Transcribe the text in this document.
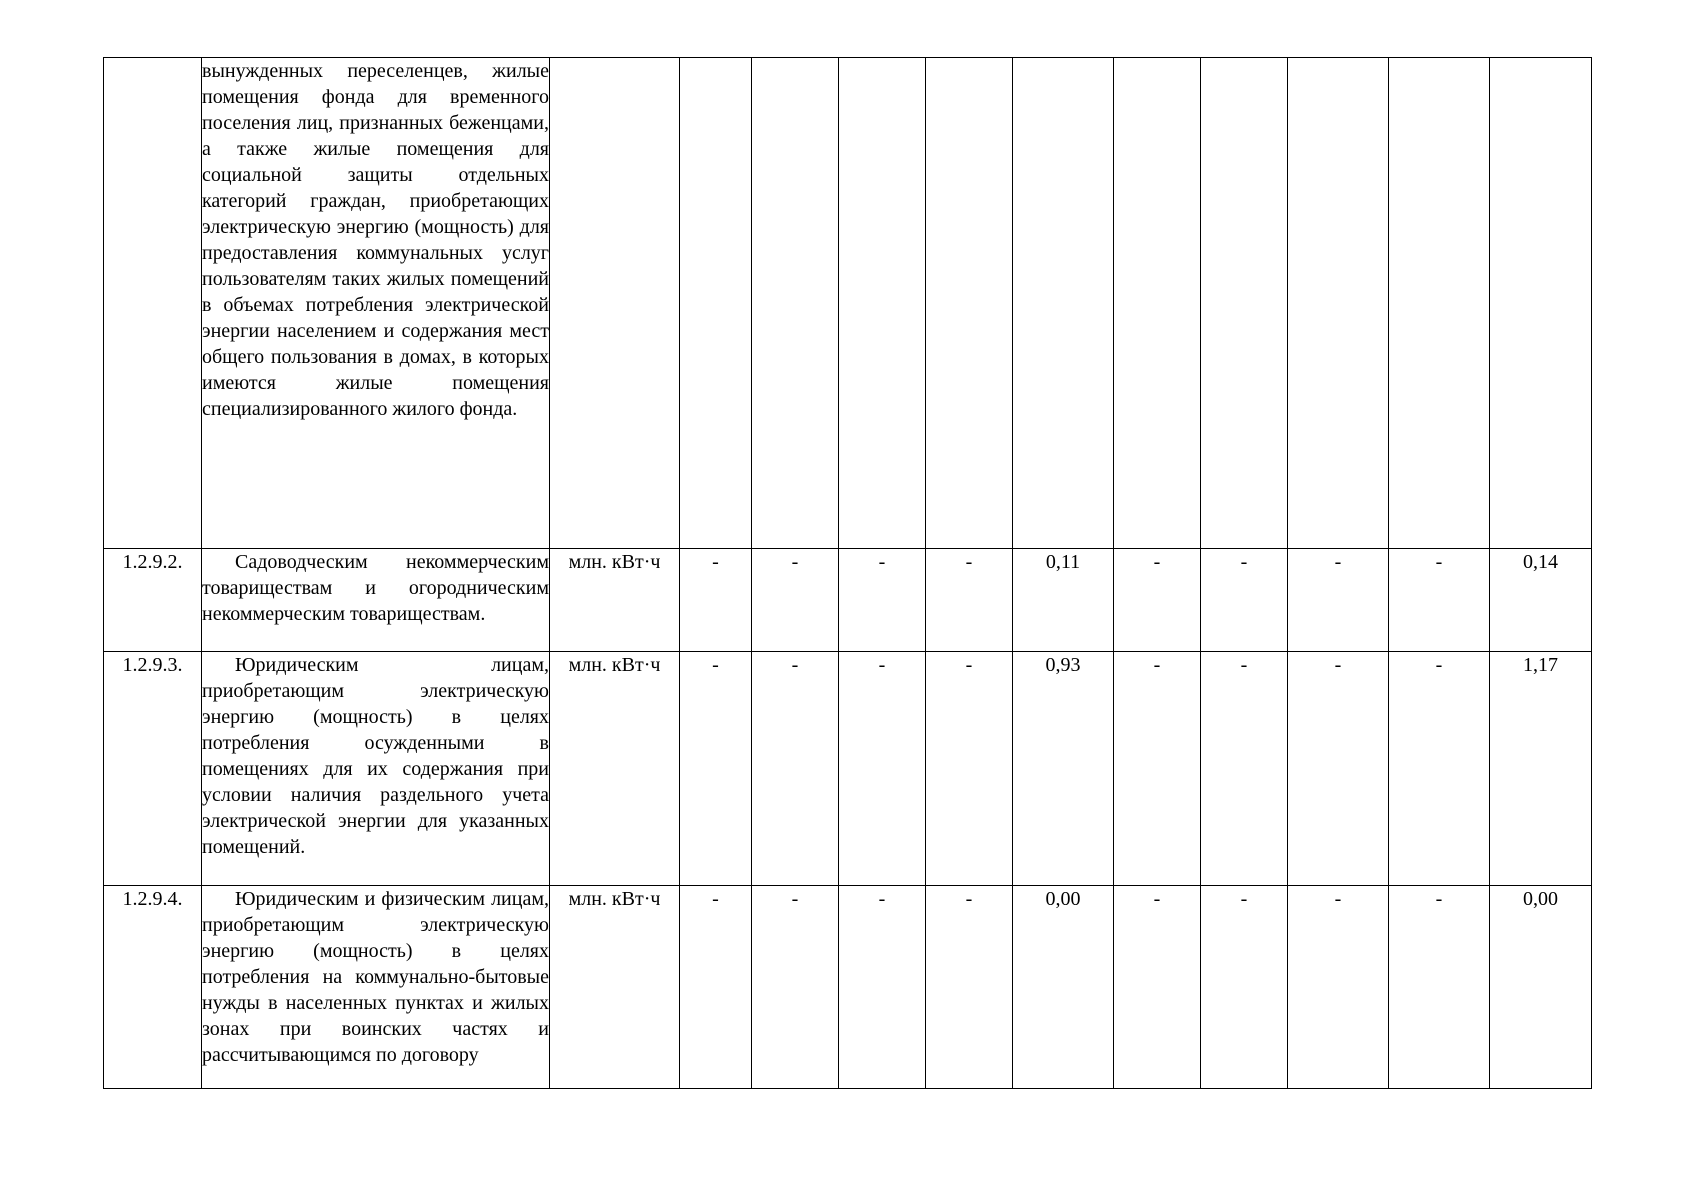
	вынужденных переселенцев, жилые помещения фонда для временного поселения лиц, признанных беженцами, а также жилые помещения для социальной защиты отдельных категорий граждан, приобретающих электрическую энергию (мощность) для предоставления коммунальных услуг пользователям таких жилых помещений в объемах потребления электрической энергии населением и содержания мест общего пользования в домах, в которых имеются жилые помещения специализированного жилого фонда.											
1.2.9.2.	Садоводческим некоммерческим товариществам и огородническим некоммерческим товариществам.	млн. кВт·ч	-	-	-	-	0,11	-	-	-	-	0,14
1.2.9.3.	Юридическим лицам, приобретающим электрическую энергию (мощность) в целях потребления осужденными в помещениях для их содержания при условии наличия раздельного учета электрической энергии для указанных помещений.	млн. кВт·ч	-	-	-	-	0,93	-	-	-	-	1,17
1.2.9.4.	Юридическим и физическим лицам, приобретающим электрическую энергию (мощность) в целях потребления на коммунально-бытовые нужды в населенных пунктах и жилых зонах при воинских частях и рассчитывающимся по договору	млн. кВт·ч	-	-	-	-	0,00	-	-	-	-	0,00
